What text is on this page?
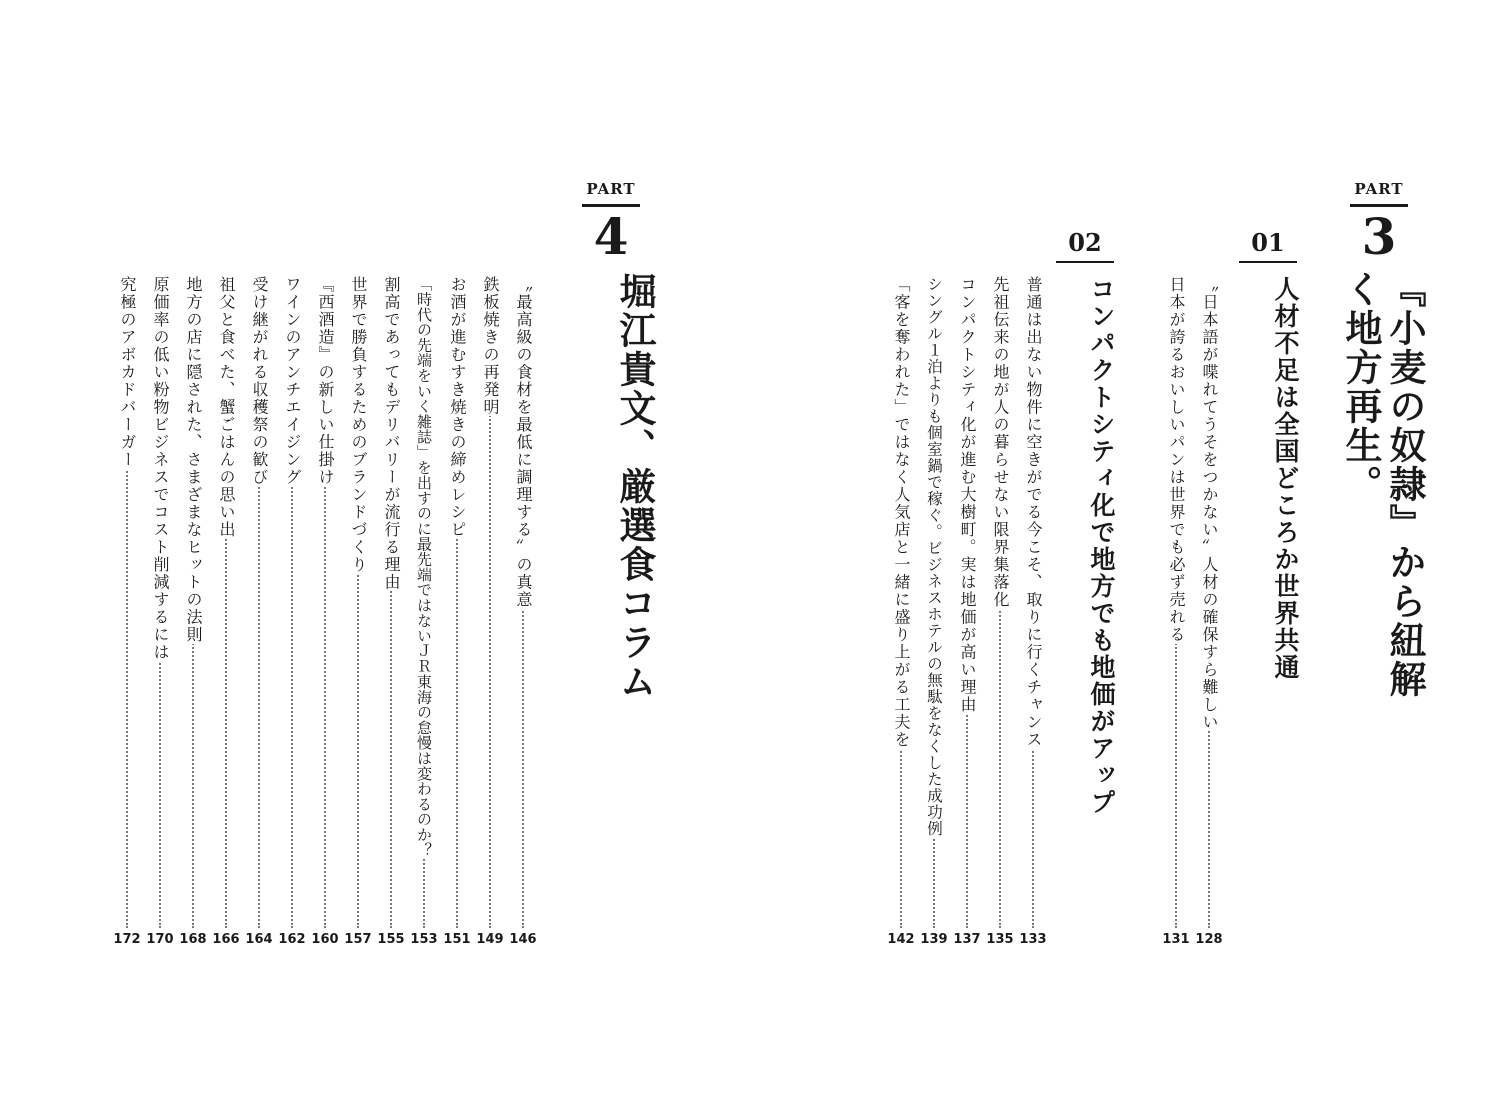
PART
4
堀江貴文、厳選食コラム
〝最高級の食材を最低に調理する〟の真意
146
鉄板焼きの再発明
149
お酒が進むすき焼きの締めレシピ
151
「時代の先端をいく雑誌」を出すのに最先端ではないＪＲ東海の怠慢は変わるのか？
153
割高であってもデリバリーが流行る理由
155
世界で勝負するためのブランドづくり
157
『西酒造』の新しい仕掛け
160
ワインのアンチエイジング
162
受け継がれる収穫祭の歓び
164
祖父と食べた、蟹ごはんの思い出
166
地方の店に隠された、さまざまなヒットの法則
168
原価率の低い粉物ビジネスでコスト削減するには
170
究極のアボカドバーガー
172
PART
3
『小麦の奴隷』から紐解く地方再生。
01
人材不足は全国どころか世界共通
〝日本語が喋れてうそをつかない〟人材の確保すら難しい
128
日本が誇るおいしいパンは世界でも必ず売れる
131
02
コンパクトシティ化で地方でも地価がアップ
普通は出ない物件に空きがでる今こそ、取りに行くチャンス
133
先祖伝来の地が人の暮らせない限界集落化
135
コンパクトシティ化が進む大樹町。実は地価が高い理由
137
シングル１泊よりも個室鍋で稼ぐ。ビジネスホテルの無駄をなくした成功例
139
「客を奪われた」ではなく人気店と一緒に盛り上がる工夫を
142
